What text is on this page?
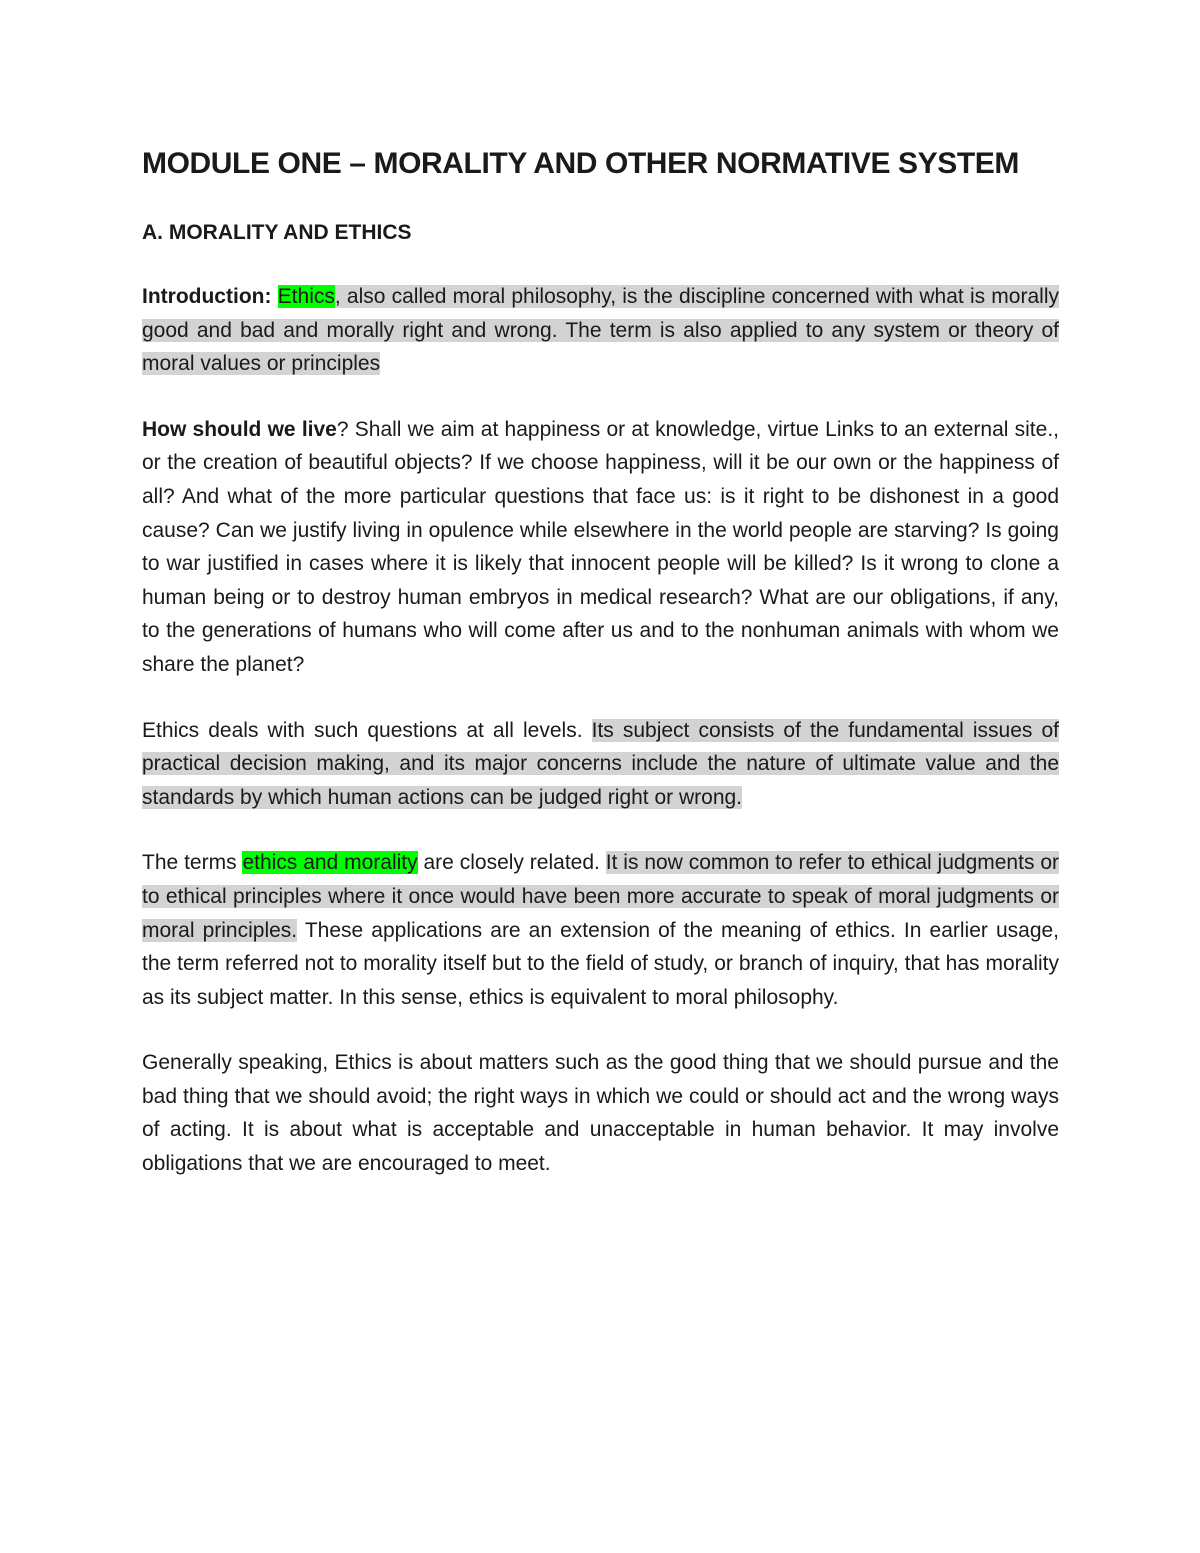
MODULE ONE – MORALITY AND OTHER NORMATIVE SYSTEM
A. MORALITY AND ETHICS

Introduction: Ethics, also called moral philosophy, is the discipline concerned with what is morally good and bad and morally right and wrong. The term is also applied to any system or theory of moral values or principles

How should we live? Shall we aim at happiness or at knowledge, virtue Links to an external site., or the creation of beautiful objects? If we choose happiness, will it be our own or the happiness of all? And what of the more particular questions that face us: is it right to be dishonest in a good cause? Can we justify living in opulence while elsewhere in the world people are starving? Is going to war justified in cases where it is likely that innocent people will be killed? Is it wrong to clone a human being or to destroy human embryos in medical research? What are our obligations, if any, to the generations of humans who will come after us and to the nonhuman animals with whom we share the planet?

Ethics deals with such questions at all levels. Its subject consists of the fundamental issues of practical decision making, and its major concerns include the nature of ultimate value and the standards by which human actions can be judged right or wrong.

The terms ethics and morality are closely related. It is now common to refer to ethical judgments or to ethical principles where it once would have been more accurate to speak of moral judgments or moral principles. These applications are an extension of the meaning of ethics. In earlier usage, the term referred not to morality itself but to the field of study, or branch of inquiry, that has morality as its subject matter. In this sense, ethics is equivalent to moral philosophy.

Generally speaking, Ethics is about matters such as the good thing that we should pursue and the bad thing that we should avoid; the right ways in which we could or should act and the wrong ways of acting. It is about what is acceptable and unacceptable in human behavior. It may involve obligations that we are encouraged to meet.
